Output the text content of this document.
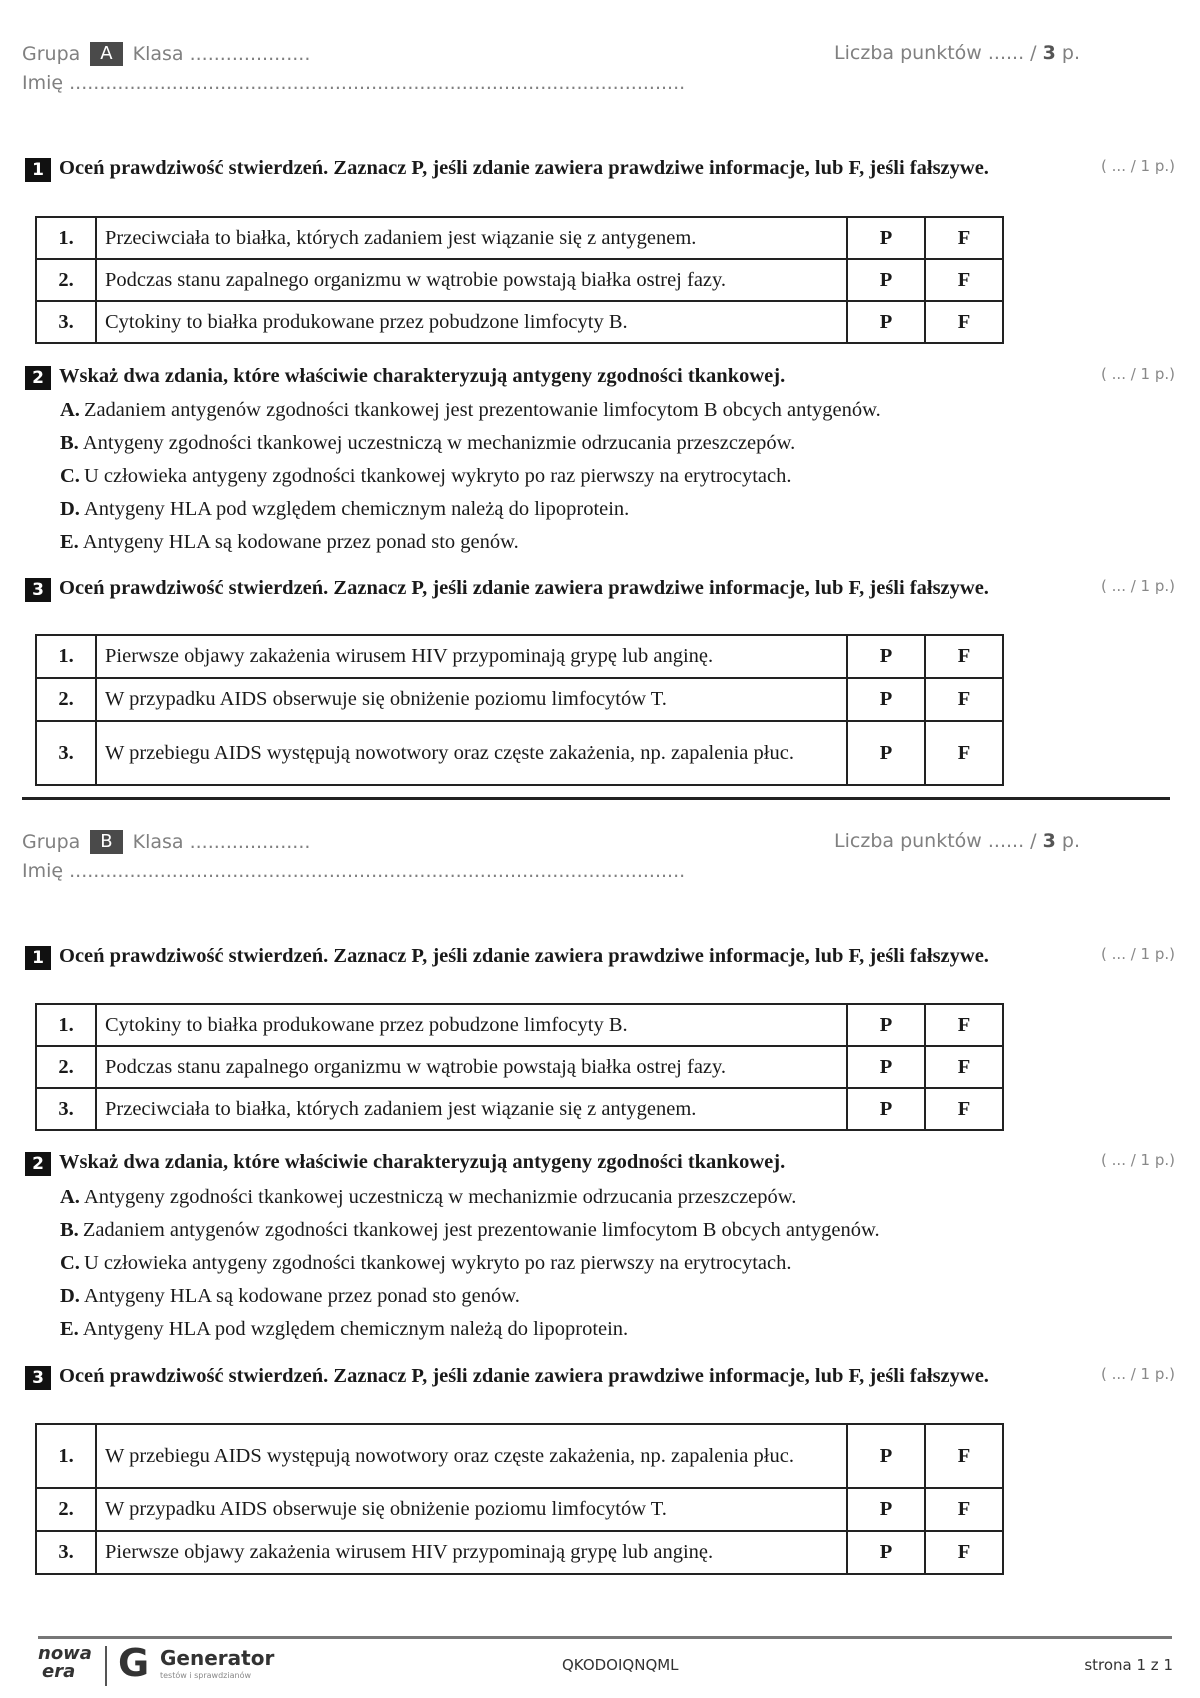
Grupa A Klasa ....................	Liczba punktów ...... / 3 p.
Imię ......................................................................................................
1 Oceń prawdziwość stwierdzeń. Zaznacz P, jeśli zdanie zawiera prawdziwe informacje, lub F, jeśli fałszywe.	( ... / 1 p.)
1.	Przeciwciała to białka, których zadaniem jest wiązanie się z antygenem.	P	F
2.	Podczas stanu zapalnego organizmu w wątrobie powstają białka ostrej fazy.	P	F
3.	Cytokiny to białka produkowane przez pobudzone limfocyty B.	P	F
2 Wskaż dwa zdania, które właściwie charakteryzują antygeny zgodności tkankowej.	( ... / 1 p.)
A. Zadaniem antygenów zgodności tkankowej jest prezentowanie limfocytom B obcych antygenów.
B. Antygeny zgodności tkankowej uczestniczą w mechanizmie odrzucania przeszczepów.
C. U człowieka antygeny zgodności tkankowej wykryto po raz pierwszy na erytrocytach.
D. Antygeny HLA pod względem chemicznym należą do lipoprotein.
E. Antygeny HLA są kodowane przez ponad sto genów.
3 Oceń prawdziwość stwierdzeń. Zaznacz P, jeśli zdanie zawiera prawdziwe informacje, lub F, jeśli fałszywe.	( ... / 1 p.)
1.	Pierwsze objawy zakażenia wirusem HIV przypominają grypę lub anginę.	P	F
2.	W przypadku AIDS obserwuje się obniżenie poziomu limfocytów T.	P	F
3.	W przebiegu AIDS występują nowotwory oraz częste zakażenia, np. zapalenia płuc.	P	F
Grupa B Klasa ....................	Liczba punktów ...... / 3 p.
Imię ......................................................................................................
1 Oceń prawdziwość stwierdzeń. Zaznacz P, jeśli zdanie zawiera prawdziwe informacje, lub F, jeśli fałszywe.	( ... / 1 p.)
1.	Cytokiny to białka produkowane przez pobudzone limfocyty B.	P	F
2.	Podczas stanu zapalnego organizmu w wątrobie powstają białka ostrej fazy.	P	F
3.	Przeciwciała to białka, których zadaniem jest wiązanie się z antygenem.	P	F
2 Wskaż dwa zdania, które właściwie charakteryzują antygeny zgodności tkankowej.	( ... / 1 p.)
A. Antygeny zgodności tkankowej uczestniczą w mechanizmie odrzucania przeszczepów.
B. Zadaniem antygenów zgodności tkankowej jest prezentowanie limfocytom B obcych antygenów.
C. U człowieka antygeny zgodności tkankowej wykryto po raz pierwszy na erytrocytach.
D. Antygeny HLA są kodowane przez ponad sto genów.
E. Antygeny HLA pod względem chemicznym należą do lipoprotein.
3 Oceń prawdziwość stwierdzeń. Zaznacz P, jeśli zdanie zawiera prawdziwe informacje, lub F, jeśli fałszywe.	( ... / 1 p.)
1.	W przebiegu AIDS występują nowotwory oraz częste zakażenia, np. zapalenia płuc.	P	F
2.	W przypadku AIDS obserwuje się obniżenie poziomu limfocytów T.	P	F
3.	Pierwsze objawy zakażenia wirusem HIV przypominają grypę lub anginę.	P	F
nowa
era	G Generator
testów i sprawdzianów
QKODOIQNQML	strona 1 z 1
